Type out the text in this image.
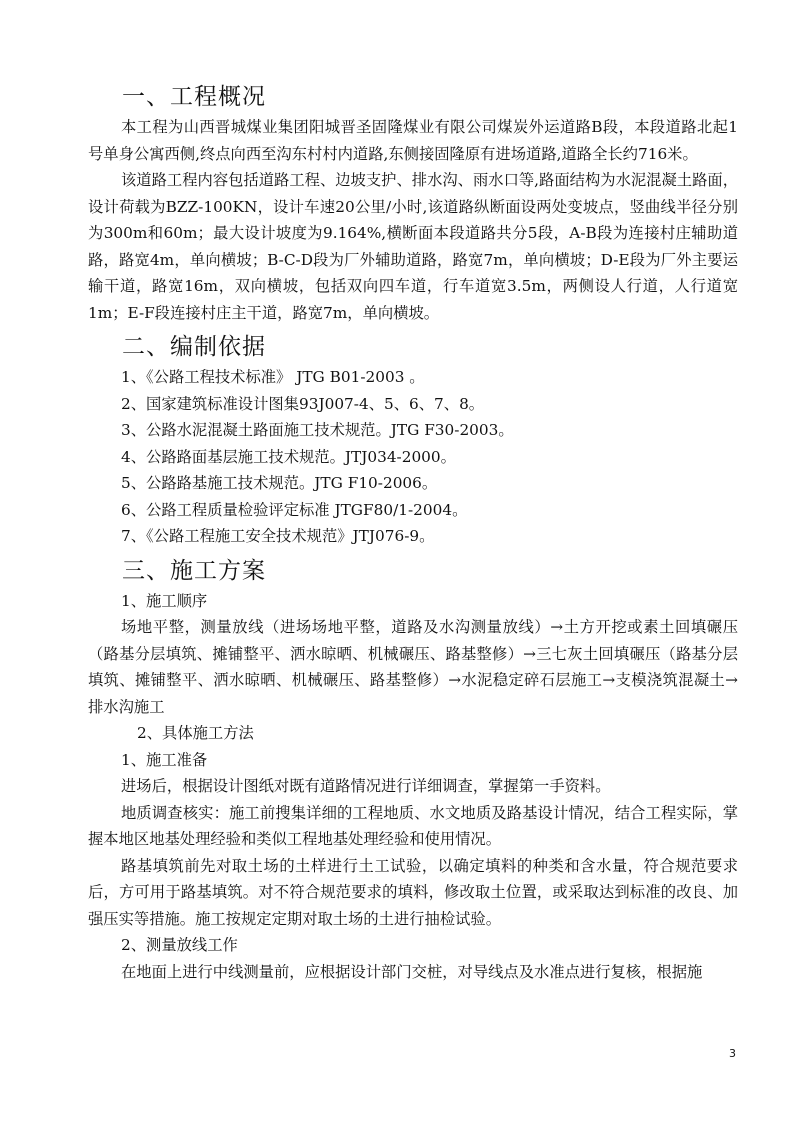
一、工程概况

本工程为山西晋城煤业集团阳城晋圣固隆煤业有限公司煤炭外运道路B段，本段道路北起1号单身公寓西侧,终点向西至沟东村村内道路,东侧接固隆原有进场道路,道路全长约716米。

该道路工程内容包括道路工程、边坡支护、排水沟、雨水口等,路面结构为水泥混凝土路面，设计荷载为BZZ-100KN，设计车速20公里/小时,该道路纵断面设两处变坡点，竖曲线半径分别为300m和60m；最大设计坡度为9.164%,横断面本段道路共分5段，A-B段为连接村庄辅助道路，路宽4m，单向横坡；B-C-D段为厂外辅助道路，路宽7m，单向横坡；D-E段为厂外主要运输干道，路宽16m，双向横坡，包括双向四车道，行车道宽3.5m，两侧设人行道，人行道宽1m；E-F段连接村庄主干道，路宽7m，单向横坡。

二、编制依据
1、《公路工程技术标准》 JTG B01-2003 。
2、国家建筑标准设计图集93J007-4、5、6、7、8。
3、公路水泥混凝土路面施工技术规范。JTG F30-2003。
4、公路路面基层施工技术规范。JTJ034-2000。
5、公路路基施工技术规范。JTG F10-2006。
6、公路工程质量检验评定标准 JTGF80/1-2004。
7、《公路工程施工安全技术规范》JTJ076-9。
三、施工方案
1、施工顺序

场地平整，测量放线（进场场地平整，道路及水沟测量放线）→土方开挖或素土回填碾压（路基分层填筑、摊铺整平、洒水晾晒、机械碾压、路基整修）→三七灰土回填碾压（路基分层填筑、摊铺整平、洒水晾晒、机械碾压、路基整修）→水泥稳定碎石层施工→支模浇筑混凝土→排水沟施工

2、具体施工方法
1、施工准备

进场后，根据设计图纸对既有道路情况进行详细调查，掌握第一手资料。

地质调查核实：施工前搜集详细的工程地质、水文地质及路基设计情况，结合工程实际，掌握本地区地基处理经验和类似工程地基处理经验和使用情况。

路基填筑前先对取土场的土样进行土工试验，以确定填料的种类和含水量，符合规范要求后，方可用于路基填筑。对不符合规范要求的填料，修改取土位置，或采取达到标准的改良、加强压实等措施。施工按规定定期对取土场的土进行抽检试验。

2、测量放线工作

在地面上进行中线测量前，应根据设计部门交桩，对导线点及水准点进行复核，根据施

3
